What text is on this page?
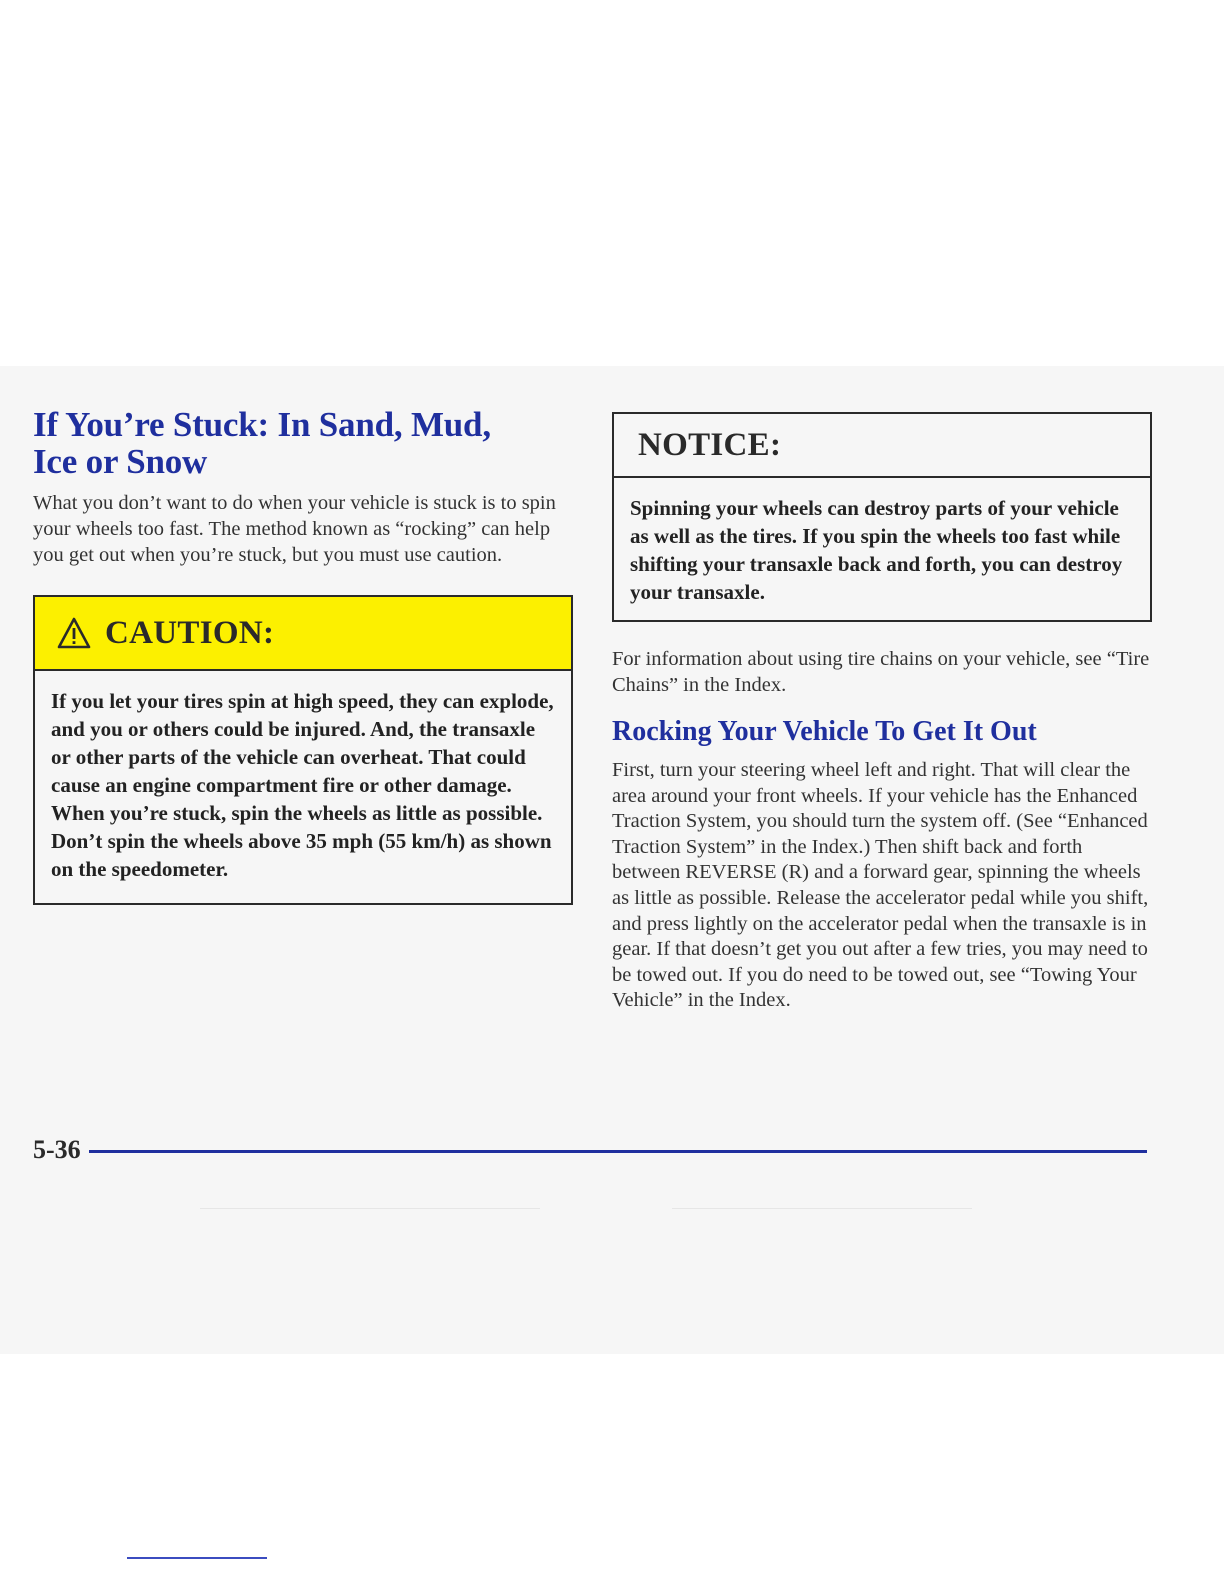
If You’re Stuck: In Sand, Mud,
Ice or Snow

What you don’t want to do when your vehicle is stuck is to spin your wheels too fast. The method known as “rocking” can help you get out when you’re stuck, but you must use caution.

CAUTION:
If you let your tires spin at high speed, they can explode, and you or others could be injured. And, the transaxle or other parts of the vehicle can overheat. That could cause an engine compartment fire or other damage. When you’re stuck, spin the wheels as little as possible. Don’t spin the wheels above 35 mph (55 km/h) as shown on the speedometer.
NOTICE:
Spinning your wheels can destroy parts of your vehicle as well as the tires. If you spin the wheels too fast while shifting your transaxle back and forth, you can destroy your transaxle.

For information about using tire chains on your vehicle, see “Tire Chains” in the Index.

Rocking Your Vehicle To Get It Out

First, turn your steering wheel left and right. That will clear the area around your front wheels. If your vehicle has the Enhanced Traction System, you should turn the system off. (See “Enhanced Traction System” in the Index.) Then shift back and forth between REVERSE (R) and a forward gear, spinning the wheels as little as possible. Release the accelerator pedal while you shift, and press lightly on the accelerator pedal when the transaxle is in gear. If that doesn’t get you out after a few tries, you may need to be towed out. If you do need to be towed out, see “Towing Your Vehicle” in the Index.

5-36
